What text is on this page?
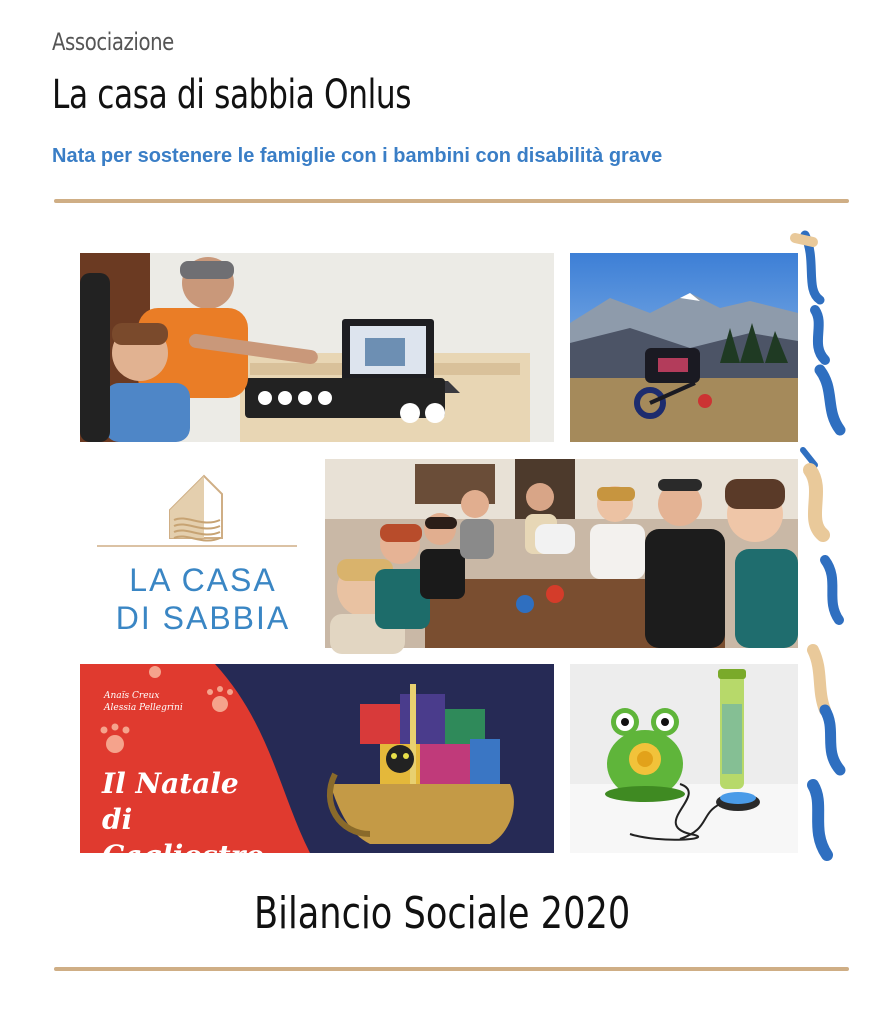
Associazione
La casa di sabbia Onlus
Nata per sostenere le famiglie con i bambini con disabilità grave
LA CASA
DI SABBIA
Anaïs Creux
Alessia Pellegrini
Il Natale
di Cagliostro
Bilancio Sociale 2020
